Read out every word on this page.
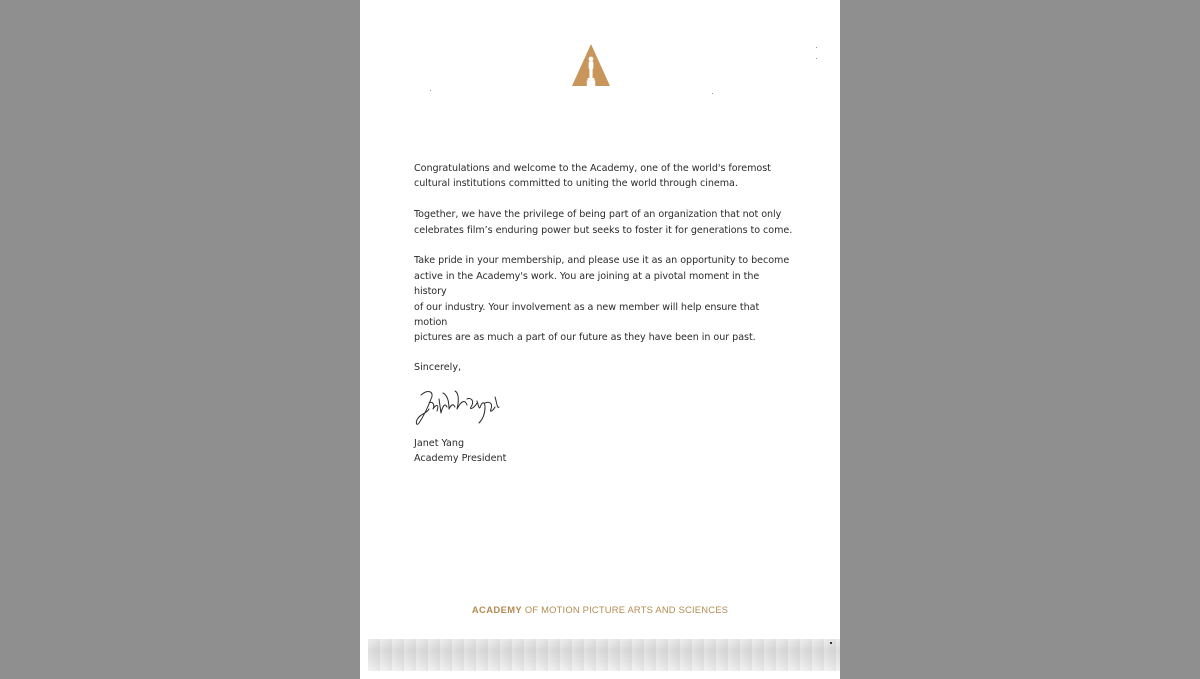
Congratulations and welcome to the Academy, one of the world's foremost
cultural institutions committed to uniting the world through cinema.

Together, we have the privilege of being part of an organization that not only
celebrates film’s enduring power but seeks to foster it for generations to come.

Take pride in your membership, and please use it as an opportunity to become
active in the Academy's work. You are joining at a pivotal moment in the history
of our industry. Your involvement as a new member will help ensure that motion
pictures are as much a part of our future as they have been in our past.

Sincerely,
Janet Yang
Academy President
ACADEMY OF MOTION PICTURE ARTS AND SCIENCES
